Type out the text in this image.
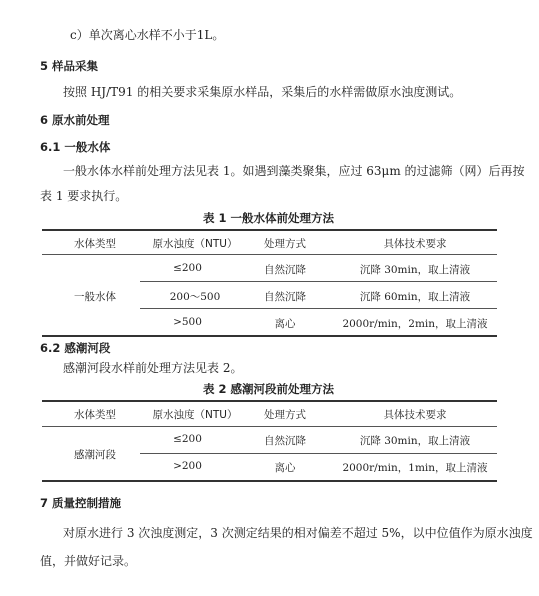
c）单次离心水样不小于1L。
5 样品采集
按照 HJ/T91 的相关要求采集原水样品，采集后的水样需做原水浊度测试。
6 原水前处理
6.1 一般水体
一般水体水样前处理方法见表 1。如遇到藻类聚集，应过 63μm 的过滤筛（网）后再按
表 1 要求执行。
表 1 一般水体前处理方法
水体类型	原水浊度（NTU）	处理方式	具体技术要求
一般水体
≤200	自然沉降	沉降 30min，取上清液
200～500	自然沉降	沉降 60min，取上清液
>500	离心	2000r/min，2min，取上清液
6.2 感潮河段
感潮河段水样前处理方法见表 2。
表 2 感潮河段前处理方法
水体类型	原水浊度（NTU）	处理方式	具体技术要求
感潮河段
≤200	自然沉降	沉降 30min，取上清液
>200	离心	2000r/min，1min，取上清液
7 质量控制措施
对原水进行 3 次浊度测定，3 次测定结果的相对偏差不超过 5%，以中位值作为原水浊度
值，并做好记录。
